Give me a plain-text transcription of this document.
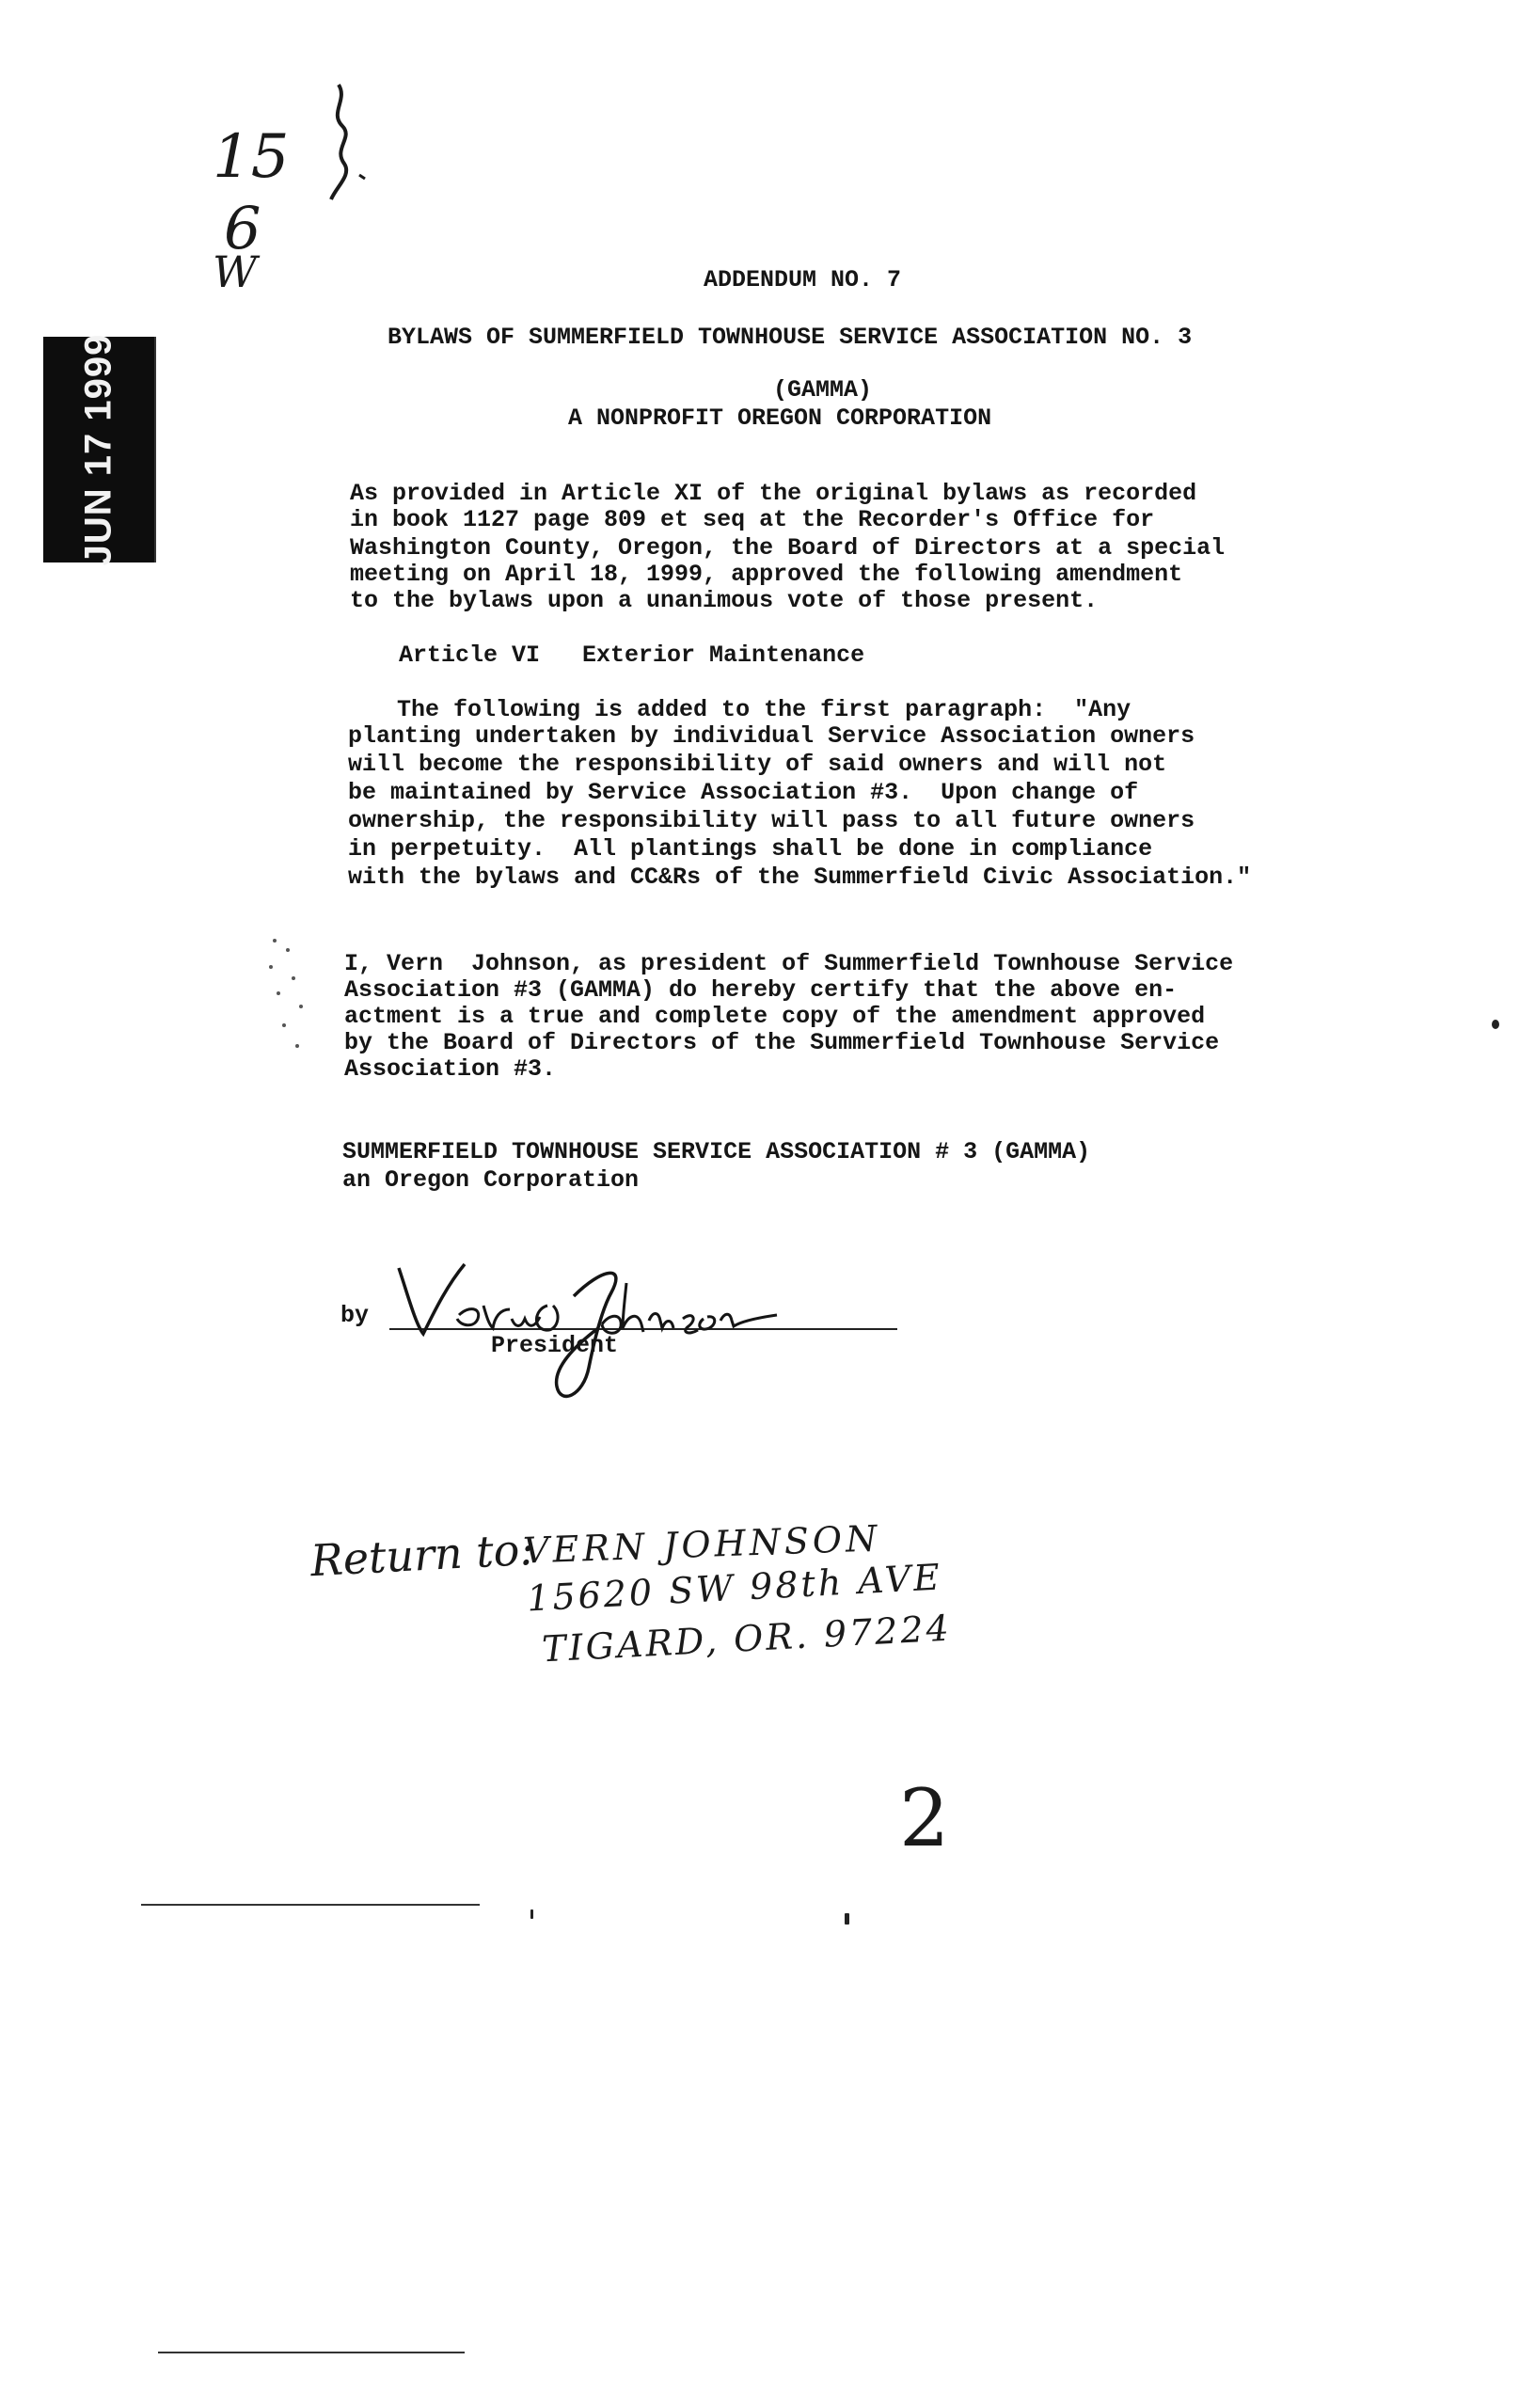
15
6
W
JUN 17 1999
ADDENDUM NO. 7
BYLAWS OF SUMMERFIELD TOWNHOUSE SERVICE ASSOCIATION NO. 3
(GAMMA)
A NONPROFIT OREGON CORPORATION
As provided in Article XI of the original bylaws as recorded
in book 1127 page 809 et seq at the Recorder's Office for
Washington County, Oregon, the Board of Directors at a special
meeting on April 18, 1999, approved the following amendment
to the bylaws upon a unanimous vote of those present.
Article VI   Exterior Maintenance
The following is added to the first paragraph:  "Any
planting undertaken by individual Service Association owners
will become the responsibility of said owners and will not
be maintained by Service Association #3.  Upon change of
ownership, the responsibility will pass to all future owners
in perpetuity.  All plantings shall be done in compliance
with the bylaws and CC&Rs of the Summerfield Civic Association."
I, Vern  Johnson, as president of Summerfield Townhouse Service
Association #3 (GAMMA) do hereby certify that the above en-
actment is a true and complete copy of the amendment approved
by the Board of Directors of the Summerfield Townhouse Service
Association #3.
SUMMERFIELD TOWNHOUSE SERVICE ASSOCIATION # 3 (GAMMA)
an Oregon Corporation
by
President
Return to:
VERN JOHNSON
15620 SW 98th AVE
TIGARD, OR. 97224
2
